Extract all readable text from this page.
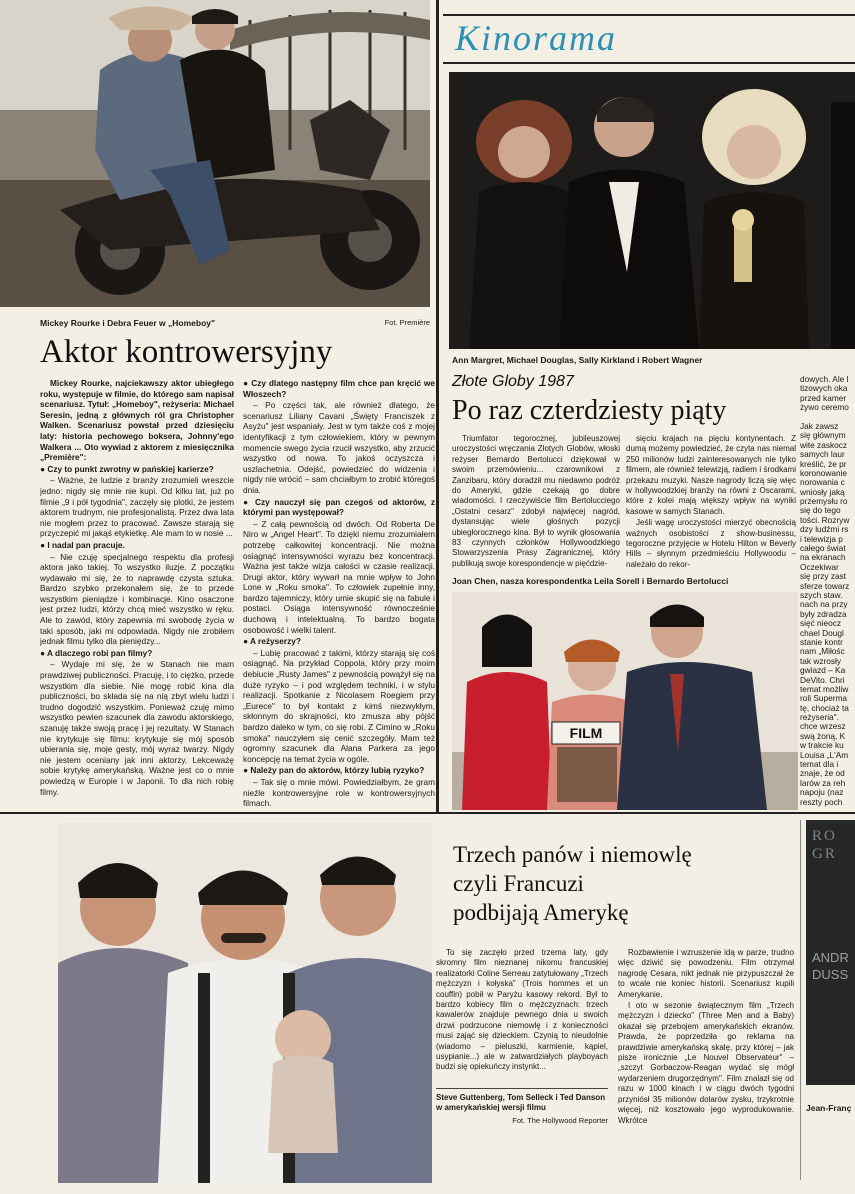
Mickey Rourke i Debra Feuer w „Homeboy"	Fot. Première
Aktor kontrowersyjny

Mickey Rourke, najciekawszy aktor ubiegłego roku, występuje w filmie, do którego sam napisał scenariusz. Tytuł: „Homeboy", reżyseria: Michael Seresin, jedną z głównych ról gra Christopher Walken. Scenariusz powstał przed dziesięciu laty: historia pechowego boksera, Johnny'ego Walkera ... Oto wywiad z aktorem z miesięcznika „Première":

● Czy to punkt zwrotny w pańskiej karierze?

– Ważne, że ludzie z branży zrozumieli wreszcie jedno: nigdy się mnie nie kupi. Od kilku lat, już po filmie „9 i pół tygodnia", zaczęły się plotki, że jestem aktorem trudnym, nie profesjonalistą. Przez dwa lata nie mogłem przez to pracować. Zawsze starają się przyczepić mi jakąś etykietkę. Ale mam to w nosie ...

● I nadal pan pracuje.

– Nie czuję specjalnego respektu dla profesji aktora jako takiej. To wszystko iluzje. Z początku wydawało mi się, że to naprawdę czysta sztuka. Bardzo szybko przekonałem się, że to przede wszystkim pieniądze i kombinacje. Kino osaczone jest przez ludzi, którzy chcą mieć wszystko w ręku. Ale to zawód, który zapewnia mi swobodę życia w taki sposób, jaki mi odpowiada. Nigdy nie zrobiłem jednak filmu tylko dla pieniędzy...

● A dlaczego robi pan filmy?

– Wydaje mi się, że w Stanach nie mam prawdziwej publiczności. Pracuję, i to ciężko, przede wszystkim dla siebie. Nie mogę robić kina dla publiczności, bo składa się na nią zbyt wielu ludzi i trudno dogodzić wszystkim. Ponieważ czuję mimo wszystko pewien szacunek dla zawodu aktorskiego, szanuję także swoją pracę i jej rezultaty. W Stanach nie krytykuje się filmu: krytykuje się mój sposób ubierania się, moje gesty, mój wyraz twarzy. Nigdy nie jestem oceniany jak inni aktorzy. Lekceważę sobie krytykę amerykańską. Ważne jest co o mnie powiedzą w Europie i w Japonii. To dla nich robię filmy.

● Czy dlatego następny film chce pan kręcić we Włoszech?

– Po części tak, ale również dlatego, że scenariusz Liliany Cavani „Święty Franciszek z Asyżu" jest wspaniały. Jest w tym także coś z mojej identyfikacji z tym człowiekiem, który w pewnym momencie swego życia rzucił wszystko, aby zrzucić wszystko od nowa. To jakoś oczyszcza i uszlachetnia. Odejść, powiedzieć do widzenia i nigdy nie wrócić – sam chciałbym to zrobić któregoś dnia.

● Czy nauczył się pan czegoś od aktorów, z którymi pan występował?

– Z całą pewnością od dwóch. Od Roberta De Niro w „Angel Heart". To dzięki niemu zrozumiałem potrzebę całkowitej koncentracji. Nie można osiągnąć intensywności wyrazu bez koncentracji. Ważna jest także wizja całości w czasie realizacji. Drugi aktor, który wywarł na mnie wpływ to John Lone w „Roku smoka". To człowiek zupełnie inny, bardzo tajemniczy, który umie skupić się na fabule i postaci. Osiąga intensywność równocześnie duchową i intelektualną. To bardzo bogata osobowość i wielki talent.

● A reżyserzy?

– Lubię pracować z takimi, którzy starają się coś osiągnąć. Na przykład Coppola, który przy moim debiucie „Rusty James" z pewnością powążył się na duże ryzyko – i pod względem techniki, i w stylu realizacji. Spotkanie z Nicolasem Roegiem przy „Eurece" to był kontakt z kimś niezwykłym, skłonnym do skrajności, kto zmusza aby pójść bardzo daleko w tym, co się robi. Z Cimino w „Roku smoka" nauczyłem się cenić szczegóły. Mam też ogromny szacunek dla Alana Parkera za jego koncepcję na temat życia w ogóle.

● Należy pan do aktorów, którzy lubią ryzyko?

– Tak się o mnie mówi. Powiedziałbym, że gram nieźle kontrowersyjne role w kontrowersyjnych filmach.

Kinorama
Ann Margret, Michael Douglas, Sally Kirkland i Robert Wagner
Złote Globy 1987
Po raz czterdziesty piąty

Triumfator tegorocznej, jubileuszowej uroczystości wręczania Złotych Globów, włoski reżyser Bernardo Bertolucci dziękował w swoim przemówieniu... czarownikowi z Zanzibaru, który doradził mu niedawno podróż do Ameryki, gdzie czekają go dobre wiadomości. I rzeczywiście film Bertolucciego „Ostatni cesarz" zdobył najwięcej nagród, dystansując wiele głośnych pozycji ubiegłorocznego kina. Był to wynik głosowania 83 czynnych członków Hollywoodzkiego Stowarzyszenia Prasy Zagranicznej, który publikują swoje korespondencje w pięćdzie-

sięciu krajach na pięciu kontynentach. Z dumą możemy powiedzieć, że czyta nas niemal 250 milionów ludzi zainteresowanych nie tylko filmem, ale również telewizją, radiem i środkami przekazu muzyki. Nasze nagrody liczą się więc w hollywoodzkiej branży na równi z Oscarami, które z kolei mają większy wpływ na wyniki kasowe w samych Stanach.

Jeśli wagę uroczystości mierzyć obecnością ważnych osobistości z show-businessu, tegoroczne przyjęcie w Hotelu Hilton w Beverly Hills – słynnym przedmieściu Hollywoodu – należało do rekor-

Joan Chen, nasza korespondentka Leila Sorell i Bernardo Bertolucci
FILM
dowych. Ale l
tizowych oka
przed kamer
żywo ceremo
Jak zawsz
się głównym
wite zaskocz
samych laur
kreślić, że pr
koronowanie
norowania c
wniosły jaką
przemysłu ro
się do tego
tości. Rozryw
dzy ludźmi rs
i telewizja p
całego świat
na ekranach
Oczekiwar
się przy zast
sferze towarz
szych staw.
nach na przy
były zdradza
sięć nieocz
chael Dougl
stanie kontr
nam „Miłośc
tak wzrosły
gwiazd – Ka
DeVito. Chri
temat możliw
roli Superma
tę, chociaż ta
reżyseria".
chce wrzesz
swą żoną, K
w trakcie ku
Louisa „L'Am
temat dla i
znaje, że od
larów za reh
napoju (naz
reszty poch
Trzech panów i niemowlę
czyli Francuzi
podbijają Amerykę

To się zaczęło przed trzema laty, gdy skromny film nieznanej nikomu francuskiej realizatorki Coline Serreau zatytułowany „Trzech mężczyzn i kołyska" (Trois hommes et un couffin) pobił w Paryżu kasowy rekord. Był to bardzo kobiecy film o mężczyznach: trzech kawalerów znajduje pewnego dnia u swoich drzwi podrzucone niemowlę i z konieczności musi zająć się dzieckiem. Czynią to nieudolnie (wiadomo – pieluszki, karmienie, kąpiel, usypianie...) ale w zatwardziałych playboyach budzi się opiekuńczy instynkt...

Steve Guttenberg, Tom Selleck i Ted Danson w amerykańskiej wersji filmu
Fot. The Hollywood Reporter

Rozbawienie i wzruszenie idą w parze, trudno więc dziwić się powodzeniu. Film otrzymał nagrodę Cesara, nikt jednak nie przypuszczał że to wcale nie koniec historii. Scenariusz kupili Amerykanie.

I oto w sezonie świątecznym film „Trzech mężczyzn i dziecko" (Three Men and a Baby) okazał się przebojem amerykańskich ekranów. Prawda, że poprzedziła go reklama na prawdziwie amerykańską skalę, przy której – jak pisze ironicznie „Le Nouvel Observateur" – „szczyt Gorbaczow-Reagan wydać się mógł wydarzeniem drugorzędnym". Film znalazł się od razu w 1000 kinach i w ciągu dwóch tygodni przyniósł 35 milionów dolarów zysku, trzykrotnie więcej, niż kosztowało jego wyprodukowanie. Wkrótce

RO
GR
ANDR
DUSS
Jean-Franç
